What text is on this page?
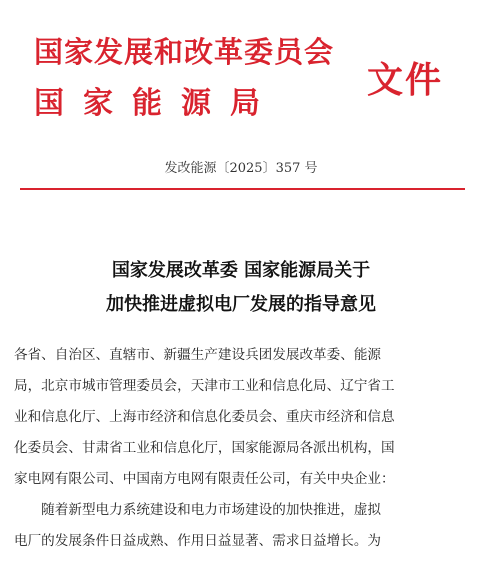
国家发展和改革委员会
国家能源局
文件
发改能源〔2025〕357 号
国家发展改革委 国家能源局关于
加快推进虚拟电厂发展的指导意见
各省、自治区、直辖市、新疆生产建设兵团发展改革委、能源
局，北京市城市管理委员会，天津市工业和信息化局、辽宁省工
业和信息化厅、上海市经济和信息化委员会、重庆市经济和信息
化委员会、甘肃省工业和信息化厅，国家能源局各派出机构，国
家电网有限公司、中国南方电网有限责任公司，有关中央企业：
　　随着新型电力系统建设和电力市场建设的加快推进，虚拟
电厂的发展条件日益成熟、作用日益显著、需求日益增长。为
